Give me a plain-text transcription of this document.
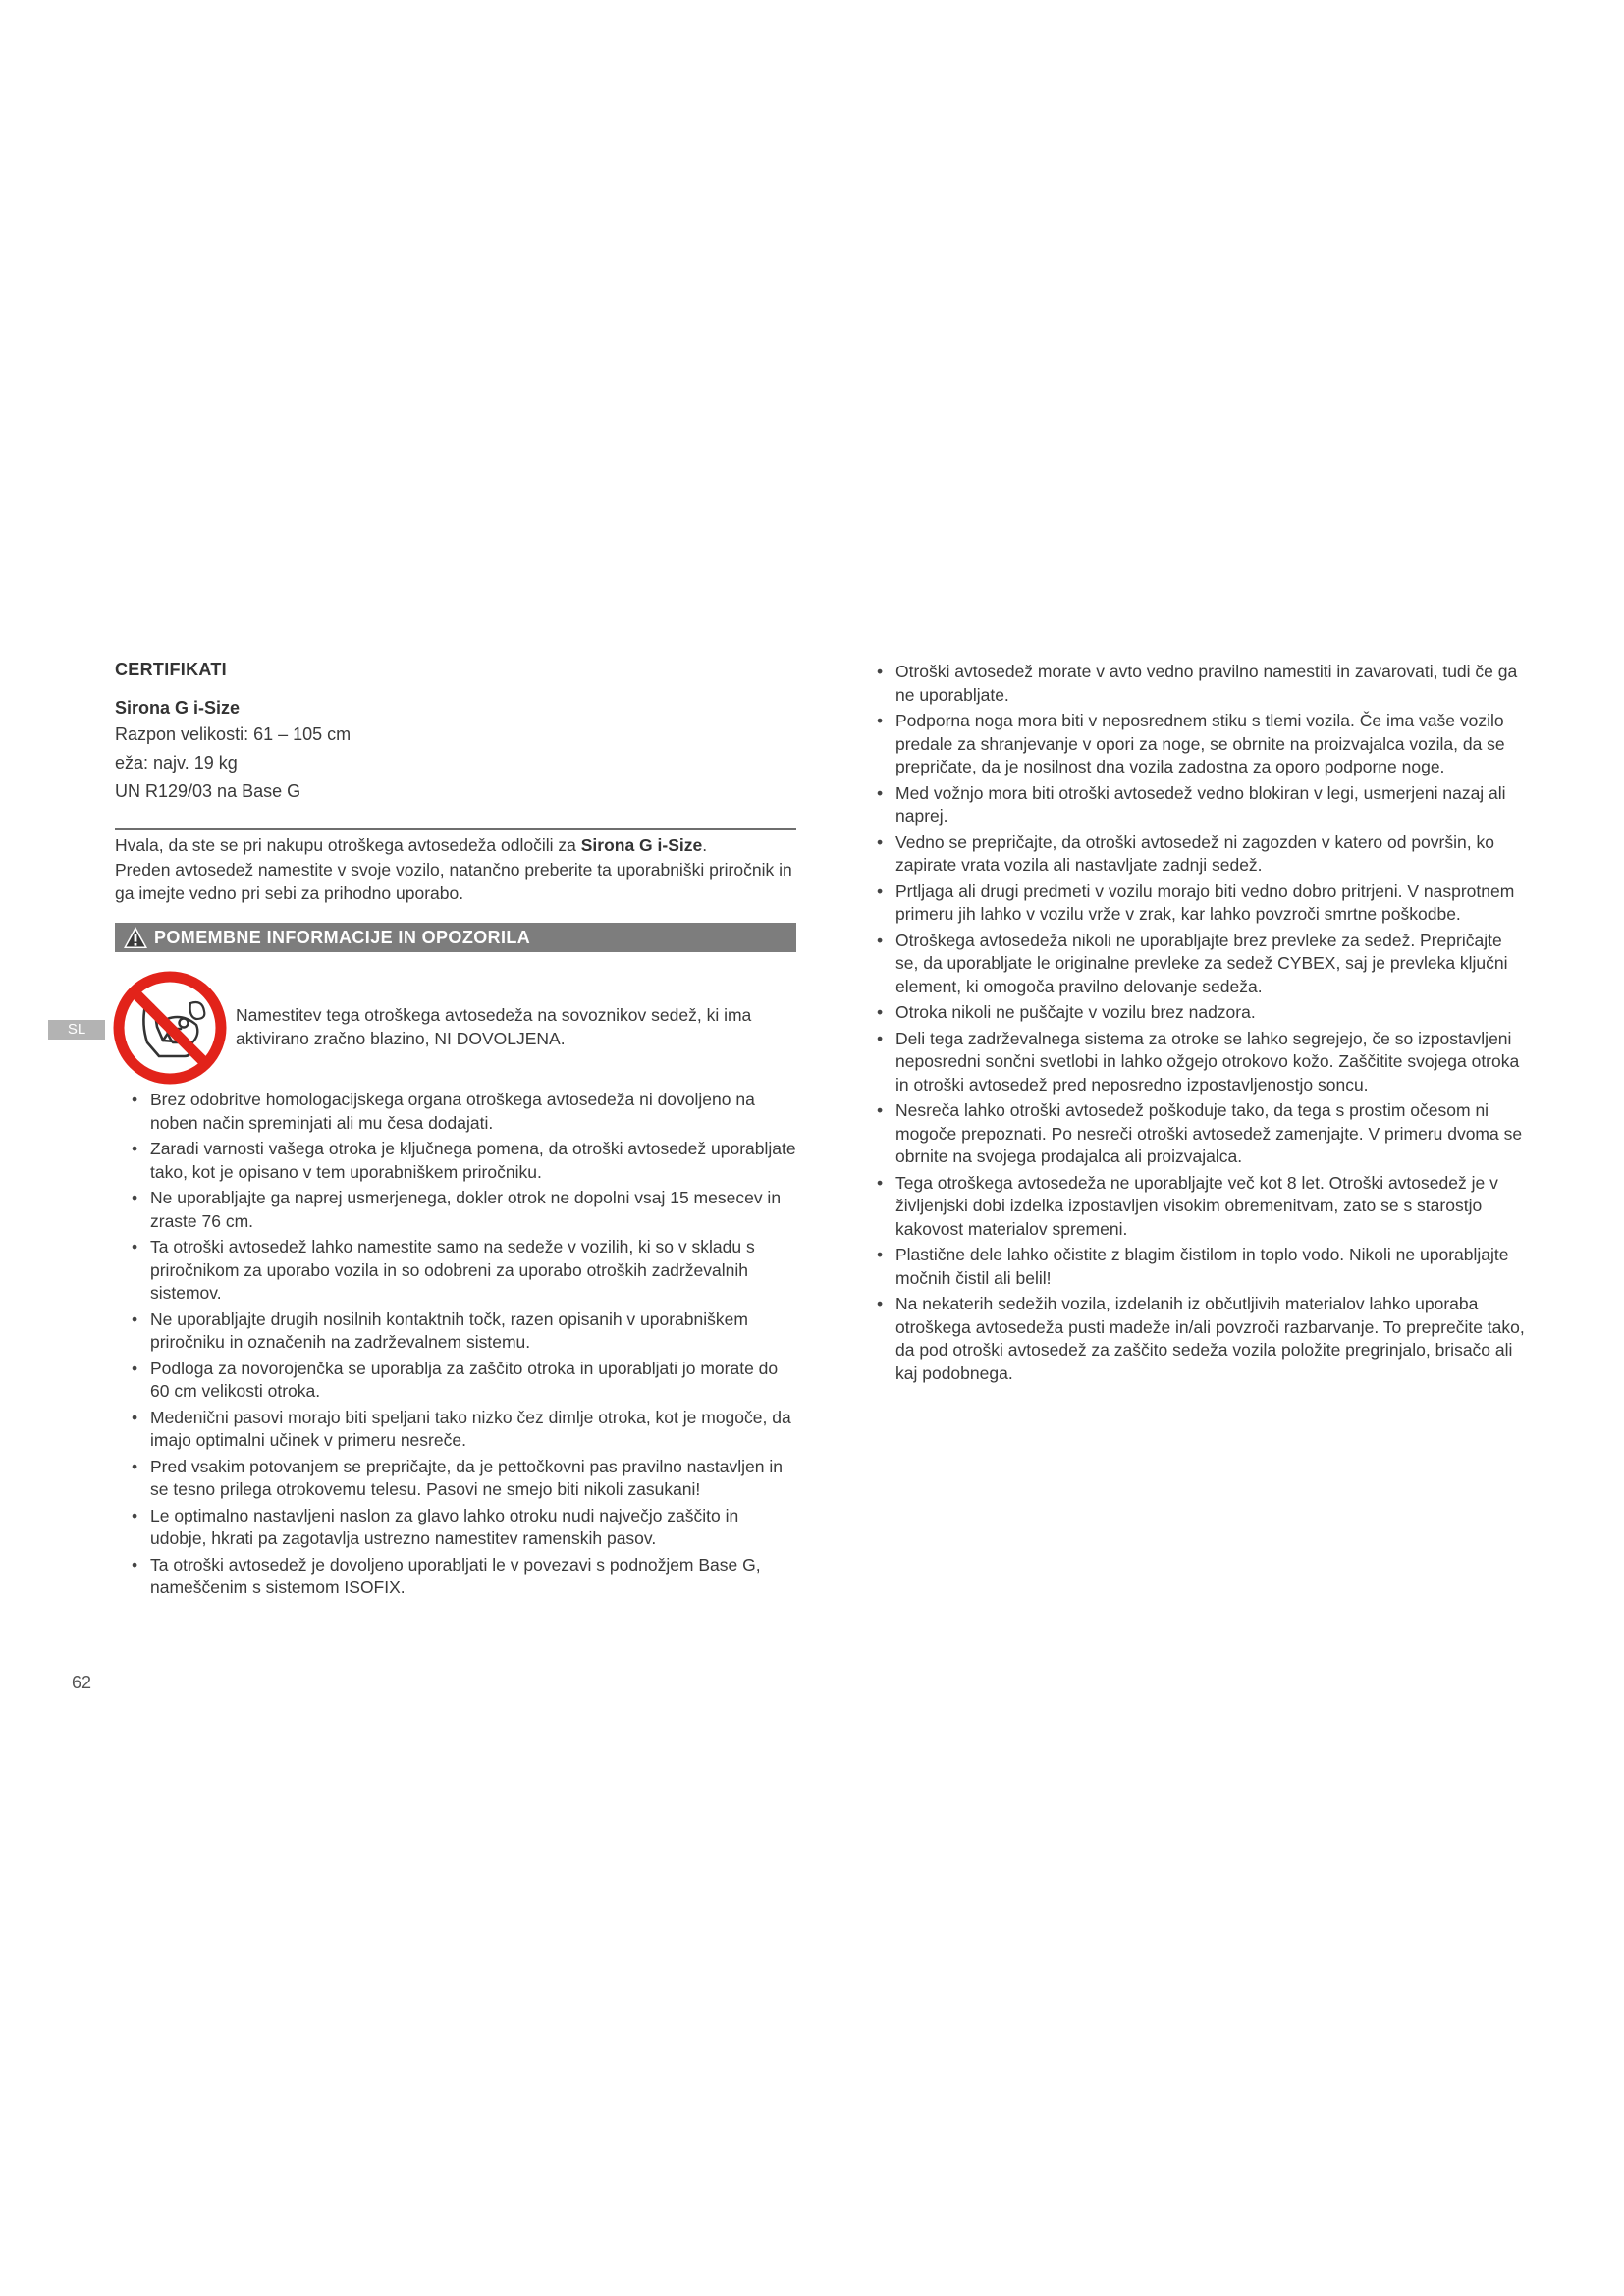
CERTIFIKATI
Sirona G i-Size
Razpon velikosti: 61 – 105 cm
eža: najv. 19 kg
UN R129/03 na Base G

Hvala, da ste se pri nakupu otroškega avtosedeža odločili za Sirona G i-Size.

Preden avtosedež namestite v svoje vozilo, natančno preberite ta uporabniški priročnik in ga imejte vedno pri sebi za prihodno uporabo.

POMEMBNE INFORMACIJE IN OPOZORILA
SL
Namestitev tega otroškega avtosedeža na sovoznikov sedež, ki ima aktivirano zračno blazino, NI DOVOLJENA.
• Brez odobritve homologacijskega organa otroškega avtosedeža ni dovoljeno na noben način spreminjati ali mu česa dodajati.
• Zaradi varnosti vašega otroka je ključnega pomena, da otroški avtosedež uporabljate tako, kot je opisano v tem uporabniškem priročniku.
• Ne uporabljajte ga naprej usmerjenega, dokler otrok ne dopolni vsaj 15 mesecev in zraste 76 cm.
• Ta otroški avtosedež lahko namestite samo na sedeže v vozilih, ki so v skladu s priročnikom za uporabo vozila in so odobreni za uporabo otroških zadrževalnih sistemov.
• Ne uporabljajte drugih nosilnih kontaktnih točk, razen opisanih v uporabniškem priročniku in označenih na zadrževalnem sistemu.
• Podloga za novorojenčka se uporablja za zaščito otroka in uporabljati jo morate do 60 cm velikosti otroka.
• Medenični pasovi morajo biti speljani tako nizko čez dimlje otroka, kot je mogoče, da imajo optimalni učinek v primeru nesreče.
• Pred vsakim potovanjem se prepričajte, da je pettočkovni pas pravilno nastavljen in se tesno prilega otrokovemu telesu. Pasovi ne smejo biti nikoli zasukani!
• Le optimalno nastavljeni naslon za glavo lahko otroku nudi največjo zaščito in udobje, hkrati pa zagotavlja ustrezno namestitev ramenskih pasov.
• Ta otroški avtosedež je dovoljeno uporabljati le v povezavi s podnožjem Base G, nameščenim s sistemom ISOFIX.
• Otroški avtosedež morate v avto vedno pravilno namestiti in zavarovati, tudi če ga ne uporabljate.
• Podporna noga mora biti v neposrednem stiku s tlemi vozila. Če ima vaše vozilo predale za shranjevanje v opori za noge, se obrnite na proizvajalca vozila, da se prepričate, da je nosilnost dna vozila zadostna za oporo podporne noge.
• Med vožnjo mora biti otroški avtosedež vedno blokiran v legi, usmerjeni nazaj ali naprej.
• Vedno se prepričajte, da otroški avtosedež ni zagozden v katero od površin, ko zapirate vrata vozila ali nastavljate zadnji sedež.
• Prtljaga ali drugi predmeti v vozilu morajo biti vedno dobro pritrjeni. V nasprotnem primeru jih lahko v vozilu vrže v zrak, kar lahko povzroči smrtne poškodbe.
• Otroškega avtosedeža nikoli ne uporabljajte brez prevleke za sedež. Prepričajte se, da uporabljate le originalne prevleke za sedež CYBEX, saj je prevleka ključni element, ki omogoča pravilno delovanje sedeža.
• Otroka nikoli ne puščajte v vozilu brez nadzora.
• Deli tega zadrževalnega sistema za otroke se lahko segrejejo, če so izpostavljeni neposredni sončni svetlobi in lahko ožgejo otrokovo kožo. Zaščitite svojega otroka in otroški avtosedež pred neposredno izpostavljenostjo soncu.
• Nesreča lahko otroški avtosedež poškoduje tako, da tega s prostim očesom ni mogoče prepoznati. Po nesreči otroški avtosedež zamenjajte. V primeru dvoma se obrnite na svojega prodajalca ali proizvajalca.
• Tega otroškega avtosedeža ne uporabljajte več kot 8 let. Otroški avtosedež je v življenjski dobi izdelka izpostavljen visokim obremenitvam, zato se s starostjo kakovost materialov spremeni.
• Plastične dele lahko očistite z blagim čistilom in toplo vodo. Nikoli ne uporabljajte močnih čistil ali belil!
• Na nekaterih sedežih vozila, izdelanih iz občutljivih materialov lahko uporaba otroškega avtosedeža pusti madeže in/ali povzroči razbarvanje. To preprečite tako, da pod otroški avtosedež za zaščito sedeža vozila položite pregrinjalo, brisačo ali kaj podobnega.
62
